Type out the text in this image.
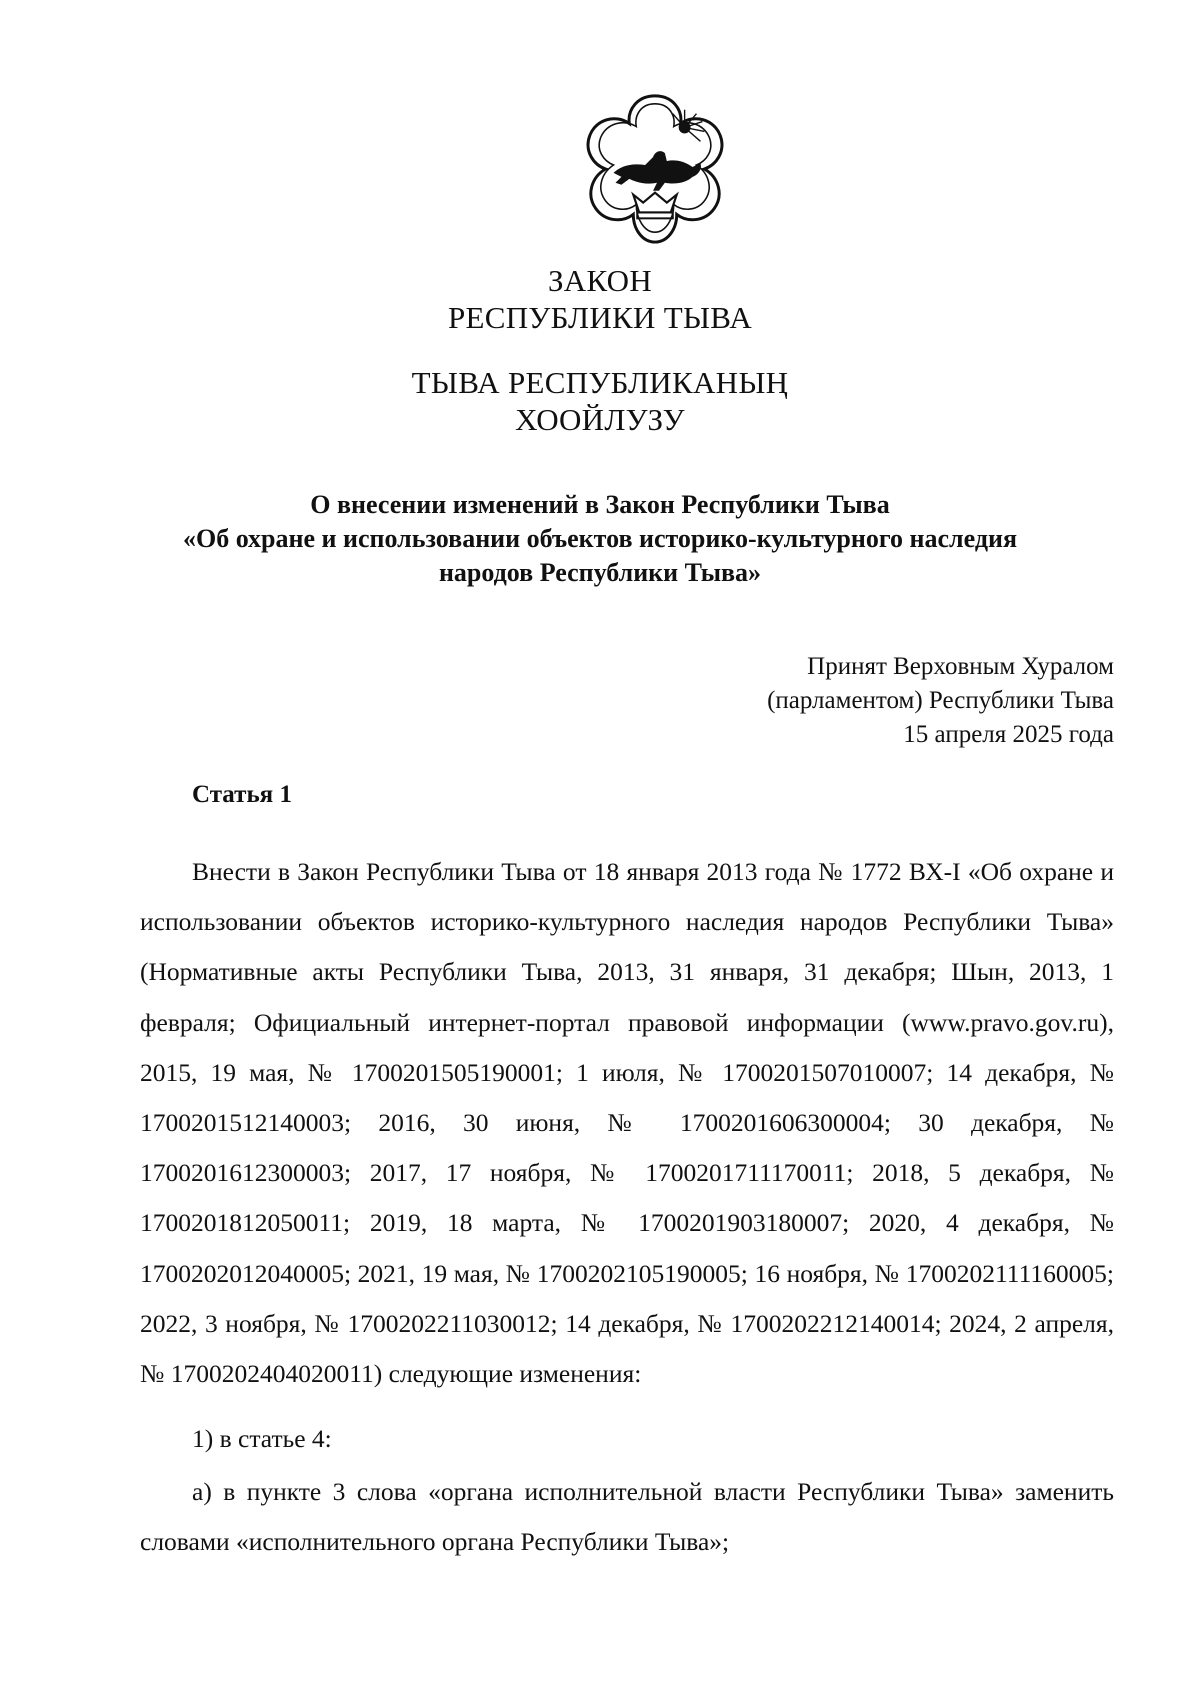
ЗАКОН
РЕСПУБЛИКИ ТЫВА
ТЫВА РЕСПУБЛИКАНЫҢ
ХООЙЛУЗУ
О внесении изменений в Закон Республики Тыва
«Об охране и использовании объектов историко-культурного наследия
народов Республики Тыва»
Принят Верховным Хуралом
(парламентом) Республики Тыва
15 апреля 2025 года
Статья 1

Внести в Закон Республики Тыва от 18 января 2013 года № 1772 ВХ-I «Об охране и использовании объектов историко-культурного наследия народов Республики Тыва» (Нормативные акты Республики Тыва, 2013, 31 января, 31 декабря; Шын, 2013, 1 февраля; Официальный интернет-портал правовой информации (www.pravo.gov.ru), 2015, 19 мая, № 1700201505190001; 1 июля, № 1700201507010007; 14 декабря, № 1700201512140003; 2016, 30 июня, № 1700201606300004; 30 декабря, № 1700201612300003; 2017, 17 ноября, № 1700201711170011; 2018, 5 декабря, № 1700201812050011; 2019, 18 марта, № 1700201903180007; 2020, 4 декабря, № 1700202012040005; 2021, 19 мая, № 1700202105190005; 16 ноября, № 1700202111160005; 2022, 3 ноября, № 1700202211030012; 14 декабря, № 1700202212140014; 2024, 2 апреля, № 1700202404020011) следующие изменения:

1) в статье 4:

а) в пункте 3 слова «органа исполнительной власти Республики Тыва» заменить словами «исполнительного органа Республики Тыва»;
